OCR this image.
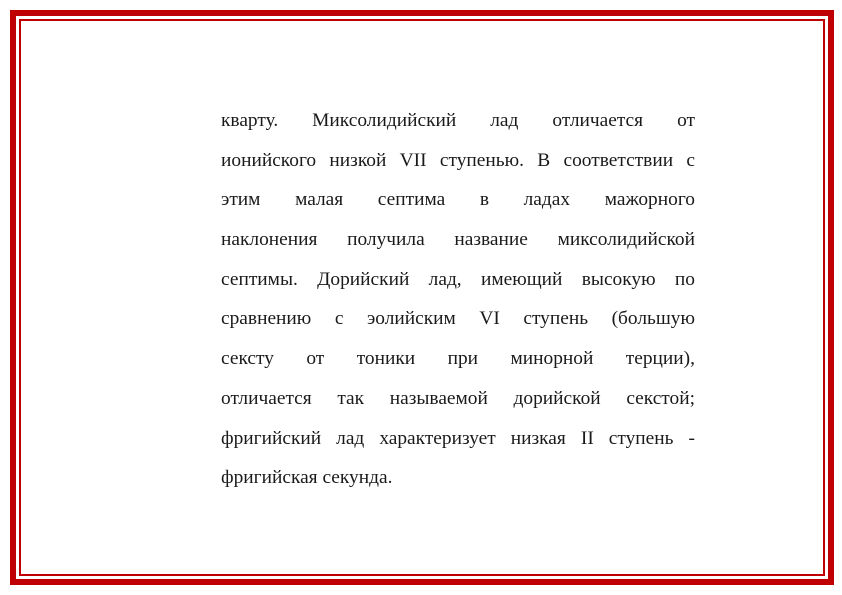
кварту. Миксолидийский лад отличается от
ионийского низкой VII ступенью. В соответствии с
этим малая септима в ладах мажорного
наклонения получила название миксолидийской
септимы. Дорийский лад, имеющий высокую по
сравнению с эолийским VI ступень (большую
сексту от тоники при минорной терции),
отличается так называемой дорийской секстой;
фригийский лад характеризует низкая II ступень -
фригийская секунда.
